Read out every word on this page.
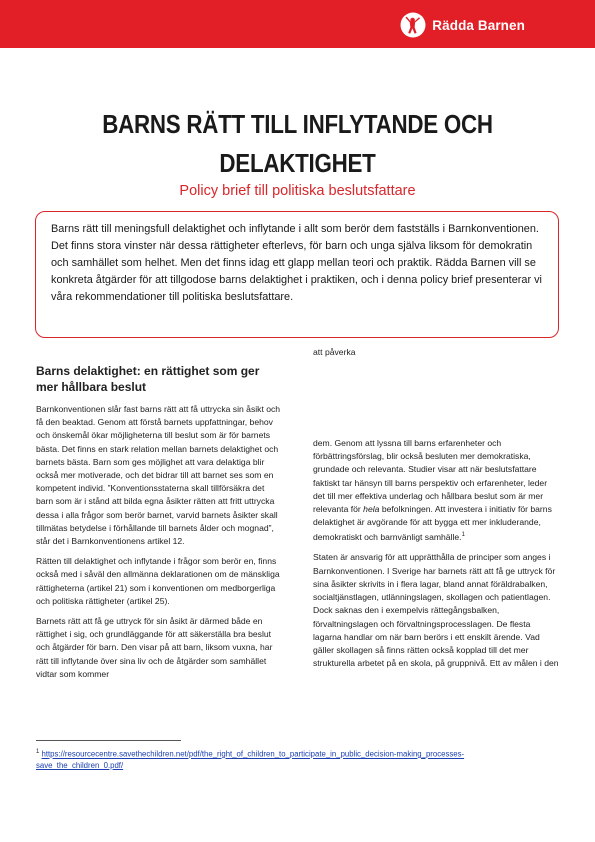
Rädda Barnen
BARNS RÄTT TILL INFLYTANDE OCH DELAKTIGHET
Policy brief till politiska beslutsfattare
Barns rätt till meningsfull delaktighet och inflytande i allt som berör dem fastställs i Barnkonventionen. Det finns stora vinster när dessa rättigheter efterlevs, för barn och unga själva liksom för demokratin och samhället som helhet. Men det finns idag ett glapp mellan teori och praktik. Rädda Barnen vill se konkreta åtgärder för att tillgodose barns delaktighet i praktiken, och i denna policy brief presenterar vi våra rekommendationer till politiska beslutsfattare.
Barns delaktighet: en rättighet som ger mer hållbara beslut

Barnkonventionen slår fast barns rätt att få uttrycka sin åsikt och få den beaktad. Genom att förstå barnets uppfattningar, behov och önskemål ökar möjligheterna till beslut som är för barnets bästa. Det finns en stark relation mellan barnets delaktighet och barnets bästa. Barn som ges möjlighet att vara delaktiga blir också mer motiverade, och det bidrar till att barnet ses som en kompetent individ. ”Konventionsstaterna skall tillförsäkra det barn som är i stånd att bilda egna åsikter rätten att fritt uttrycka dessa i alla frågor som berör barnet, varvid barnets åsikter skall tillmätas betydelse i förhållande till barnets ålder och mognad”, står det i Barnkonventionens artikel 12.

Rätten till delaktighet och inflytande i frågor som berör en, finns också med i såväl den allmänna deklarationen om de mänskliga rättigheterna (artikel 21) som i konventionen om medborgerliga och politiska rättigheter (artikel 25).

Barnets rätt att få ge uttryck för sin åsikt är därmed både en rättighet i sig, och grundläggande för att säkerställa bra beslut och åtgärder för barn. Den visar på att barn, liksom vuxna, har rätt till inflytande över sina liv och de åtgärder som samhället vidtar som kommer

att påverka

dem. Genom att lyssna till barns erfarenheter och förbättringsförslag, blir också besluten mer demokratiska, grundade och relevanta. Studier visar att när beslutsfattare faktiskt tar hänsyn till barns perspektiv och erfarenheter, leder det till mer effektiva underlag och hållbara beslut som är mer relevanta för hela befolkningen. Att investera i initiativ för barns delaktighet är avgörande för att bygga ett mer inkluderande, demokratiskt och barnvänligt samhälle.$^1$

Staten är ansvarig för att upprätthålla de principer som anges i Barnkonventionen. I Sverige har barnets rätt att få ge uttryck för sina åsikter skrivits in i flera lagar, bland annat föräldrabalken, socialtjänstlagen, utlänningslagen, skollagen och patientlagen. Dock saknas den i exempelvis rättegångsbalken, förvaltningslagen och förvaltningsprocesslagen. De flesta lagarna handlar om när barn berörs i ett enskilt ärende. Vad gäller skollagen så finns rätten också kopplad till det mer strukturella arbetet på en skola, på gruppnivå. Ett av målen i den

$^1$ https://resourcecentre.savethechildren.net/pdf/the_right_of_children_to_participate_in_public_decision-making_processes-save_the_children_0.pdf/
